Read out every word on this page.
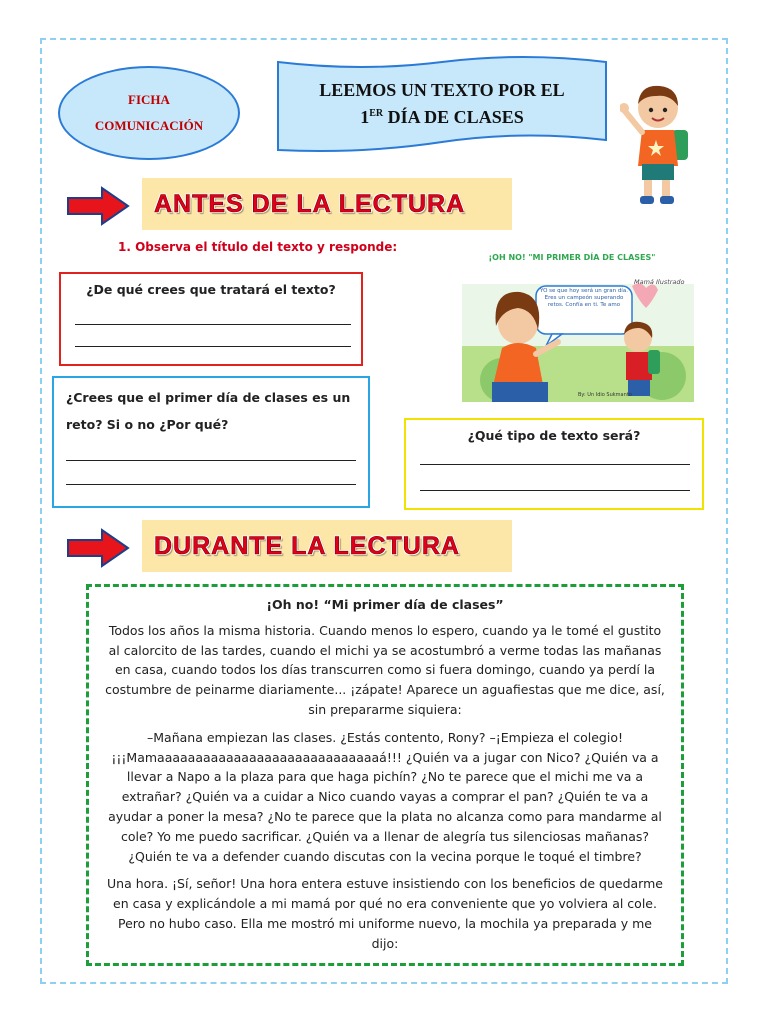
FICHA
COMUNICACIÓN
LEEMOS UN TEXTO POR EL
1ER DÍA DE CLASES
ANTES DE LA LECTURA
1. Observa el título del texto y responde:
¿De qué crees que tratará el texto?
¿Crees que el primer día de clases es un reto? Si o no ¿Por qué?
¿Qué tipo de texto será?
¡OH NO! "MI PRIMER DÍA DE CLASES"
YO se que hoy será un gran día. Eres un campeón superando retos. Confía en ti. Te amo
Mamá Ilustrado
By: Un Idio Sukmanto
DURANTE LA LECTURA
¡Oh no! “Mi primer día de clases”

Todos los años la misma historia. Cuando menos lo espero, cuando ya le tomé el gustito al calorcito de las tardes, cuando el michi ya se acostumbró a verme todas las mañanas en casa, cuando todos los días transcurren como si fuera domingo, cuando ya perdí la costumbre de peinarme diariamente... ¡zápate! Aparece un aguafiestas que me dice, así, sin prepararme siquiera:

–Mañana empiezan las clases. ¿Estás contento, Rony? –¡Empieza el colegio! ¡¡¡Mamaaaaaaaaaaaaaaaaaaaaaaaaaaaaaá!!! ¿Quién va a jugar con Nico? ¿Quién va a llevar a Napo a la plaza para que haga pichín? ¿No te parece que el michi me va a extrañar? ¿Quién va a cuidar a Nico cuando vayas a comprar el pan? ¿Quién te va a ayudar a poner la mesa? ¿No te parece que la plata no alcanza como para mandarme al cole? Yo me puedo sacrificar. ¿Quién va a llenar de alegría tus silenciosas mañanas? ¿Quién te va a defender cuando discutas con la vecina porque le toqué el timbre?

Una hora. ¡Sí, señor! Una hora entera estuve insistiendo con los beneficios de quedarme en casa y explicándole a mi mamá por qué no era conveniente que yo volviera al cole. Pero no hubo caso. Ella me mostró mi uniforme nuevo, la mochila ya preparada y me dijo:
